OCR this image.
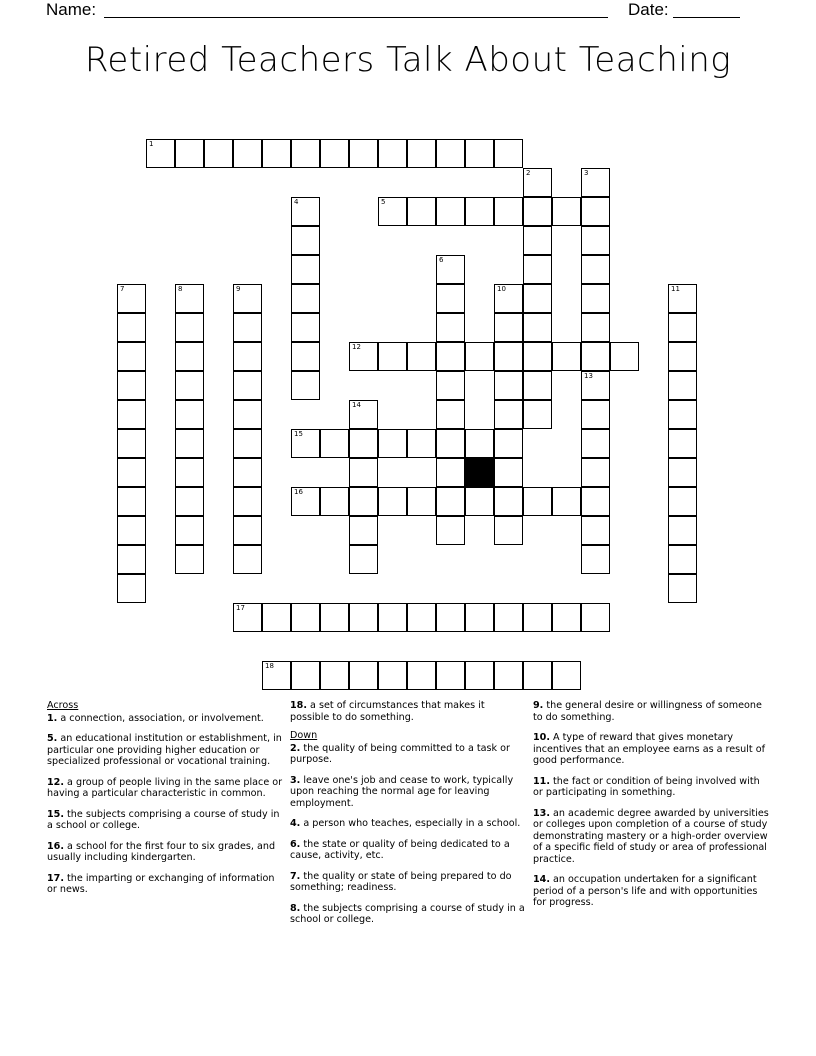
Name:	Date:
Retired Teachers Talk About Teaching
1
2	3
4	5
6
7	8	9	10	11
12
13
14
15
16
17
18
Across
1. a connection, association, or involvement.
5. an educational institution or establishment, in particular one providing higher education or specialized professional or vocational training.
12. a group of people living in the same place or having a particular characteristic in common.
15. the subjects comprising a course of study in a school or college.
16. a school for the first four to six grades, and usually including kindergarten.
17. the imparting or exchanging of information or news.
18. a set of circumstances that makes it possible to do something.
Down
2. the quality of being committed to a task or purpose.
3. leave one's job and cease to work, typically upon reaching the normal age for leaving employment.
4. a person who teaches, especially in a school.
6. the state or quality of being dedicated to a cause, activity, etc.
7. the quality or state of being prepared to do something; readiness.
8. the subjects comprising a course of study in a school or college.
9. the general desire or willingness of someone to do something.
10. A type of reward that gives monetary incentives that an employee earns as a result of good performance.
11. the fact or condition of being involved with or participating in something.
13. an academic degree awarded by universities or colleges upon completion of a course of study demonstrating mastery or a high-order overview of a specific field of study or area of professional practice.
14. an occupation undertaken for a significant period of a person's life and with opportunities for progress.
